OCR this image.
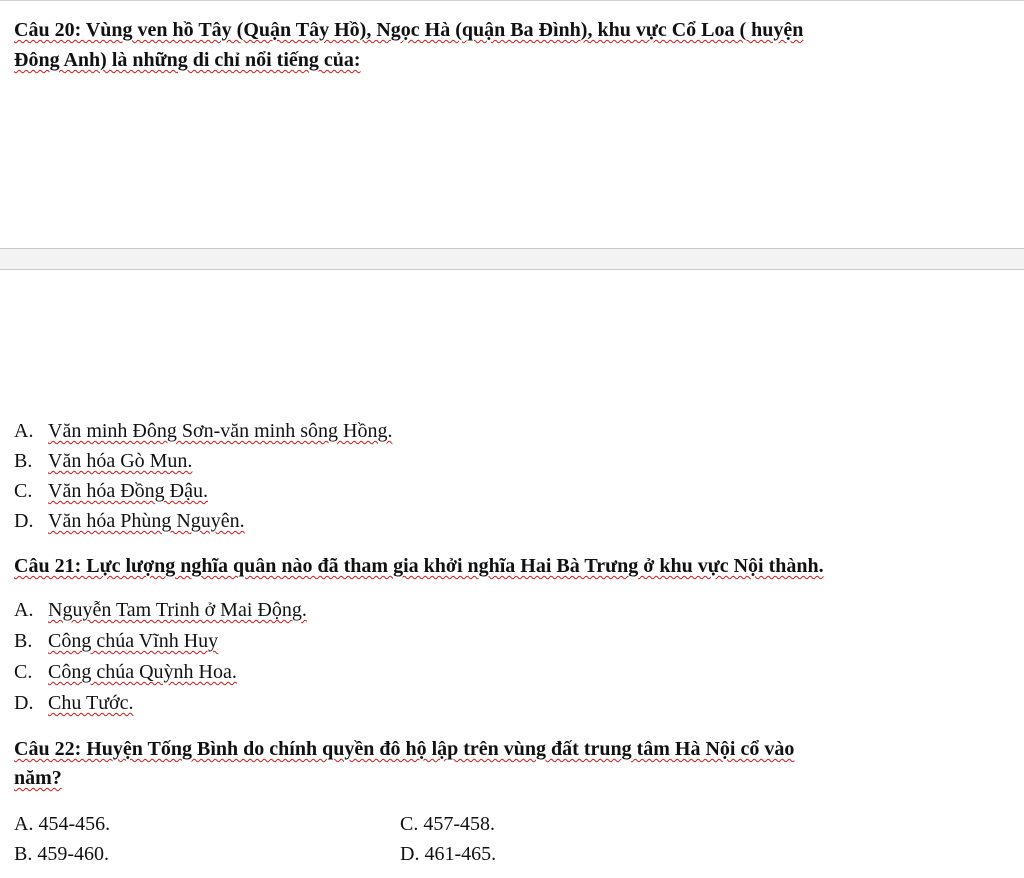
Câu 20: Vùng ven hồ Tây (Quận Tây Hồ), Ngọc Hà (quận Ba Đình), khu vực Cổ Loa ( huyện
Đông Anh) là những di chỉ nổi tiếng của:
A. Văn minh Đông Sơn-văn minh sông Hồng.
B. Văn hóa Gò Mun.
C. Văn hóa Đồng Đậu.
D. Văn hóa Phùng Nguyên.
Câu 21: Lực lượng nghĩa quân nào đã tham gia khởi nghĩa Hai Bà Trưng ở khu vực Nội thành.
A. Nguyễn Tam Trinh ở Mai Động.
B. Công chúa Vĩnh Huy
C. Công chúa Quỳnh Hoa.
D. Chu Tước.
Câu 22: Huyện Tống Bình do chính quyền đô hộ lập trên vùng đất trung tâm Hà Nội cổ vào
năm?
A. 454-456.	C. 457-458.
B. 459-460.	D. 461-465.
